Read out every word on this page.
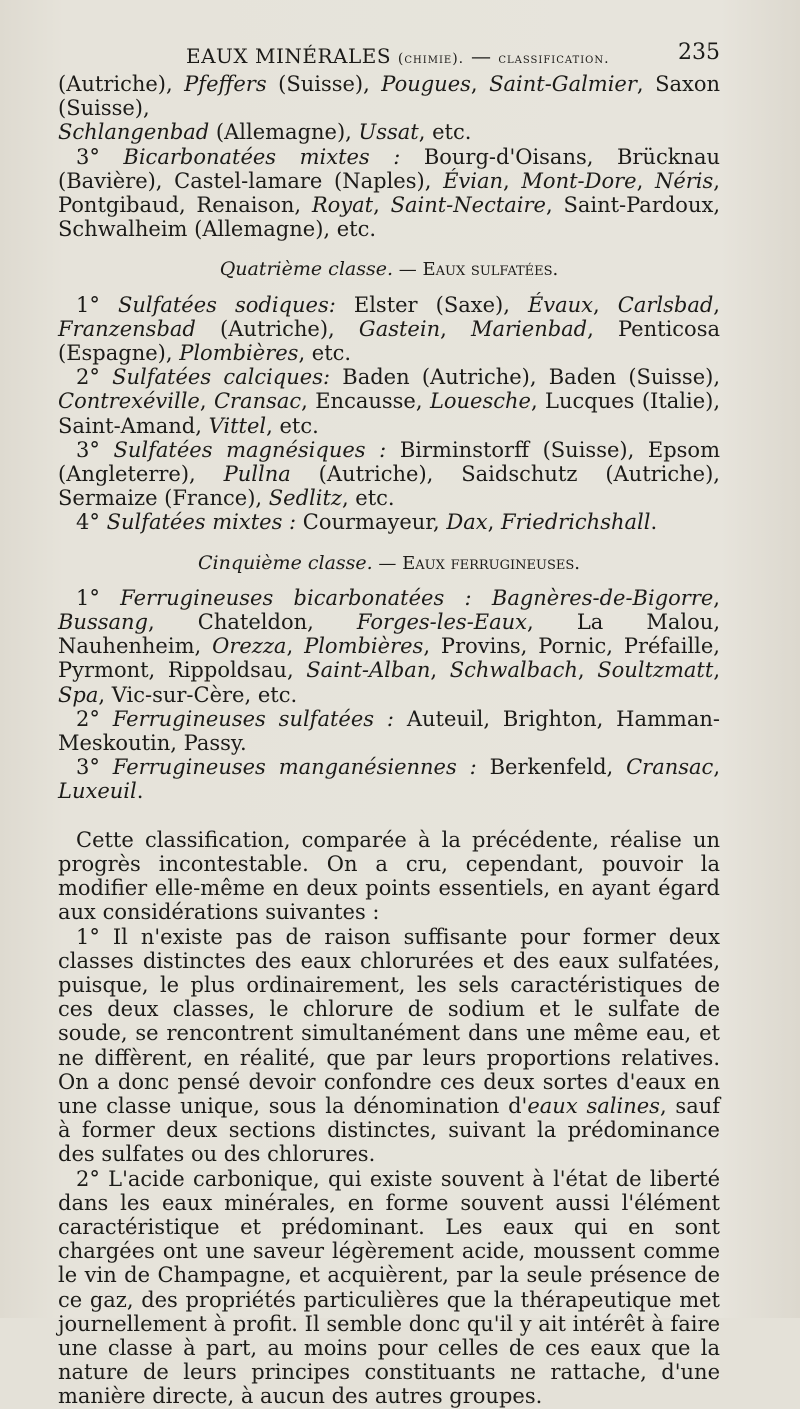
EAUX MINÉRALES (chimie). — classification.	235

(Autriche), Pfeffers (Suisse), Pougues, Saint-Galmier, Saxon (Suisse),

Schlangenbad (Allemagne), Ussat, etc.

3° Bicarbonatées mixtes : Bourg-d'Oisans, Brücknau (Bavière), Castel-lamare (Naples), Évian, Mont-Dore, Néris, Pontgibaud, Renaison, Royat, Saint-Nectaire, Saint-Pardoux, Schwalheim (Allemagne), etc.

Quatrième classe. — Eaux sulfatées.

1° Sulfatées sodiques: Elster (Saxe), Évaux, Carlsbad, Franzensbad (Autriche), Gastein, Marienbad, Penticosa (Espagne), Plombières, etc.

2° Sulfatées calciques: Baden (Autriche), Baden (Suisse), Contrexéville, Cransac, Encausse, Louesche, Lucques (Italie), Saint-Amand, Vittel, etc.

3° Sulfatées magnésiques : Birminstorff (Suisse), Epsom (Angleterre), Pullna (Autriche), Saidschutz (Autriche), Sermaize (France), Sedlitz, etc.

4° Sulfatées mixtes : Courmayeur, Dax, Friedrichshall.

Cinquième classe. — Eaux ferrugineuses.

1° Ferrugineuses bicarbonatées : Bagnères-de-Bigorre, Bussang, Chateldon, Forges-les-Eaux, La Malou, Nauhenheim, Orezza, Plombières, Provins, Pornic, Préfaille, Pyrmont, Rippoldsau, Saint-Alban, Schwalbach, Soultzmatt, Spa, Vic-sur-Cère, etc.

2° Ferrugineuses sulfatées : Auteuil, Brighton, Hamman-Meskoutin, Passy.

3° Ferrugineuses manganésiennes : Berkenfeld, Cransac, Luxeuil.

Cette classification, comparée à la précédente, réalise un progrès incontestable. On a cru, cependant, pouvoir la modifier elle-même en deux points essentiels, en ayant égard aux considérations suivantes :

1° Il n'existe pas de raison suffisante pour former deux classes distinctes des eaux chlorurées et des eaux sulfatées, puisque, le plus ordinairement, les sels caractéristiques de ces deux classes, le chlorure de sodium et le sulfate de soude, se rencontrent simultanément dans une même eau, et ne diffèrent, en réalité, que par leurs proportions relatives. On a donc pensé devoir confondre ces deux sortes d'eaux en une classe unique, sous la dénomination d'eaux salines, sauf à former deux sections distinctes, suivant la prédominance des sulfates ou des chlorures.

2° L'acide carbonique, qui existe souvent à l'état de liberté dans les eaux minérales, en forme souvent aussi l'élément caractéristique et prédominant. Les eaux qui en sont chargées ont une saveur légèrement acide, moussent comme le vin de Champagne, et acquièrent, par la seule présence de ce gaz, des propriétés particulières que la thérapeutique met journellement à profit. Il semble donc qu'il y ait intérêt à faire une classe à part, au moins pour celles de ces eaux que la nature de leurs principes constituants ne rattache, d'une manière directe, à aucun des autres groupes.
